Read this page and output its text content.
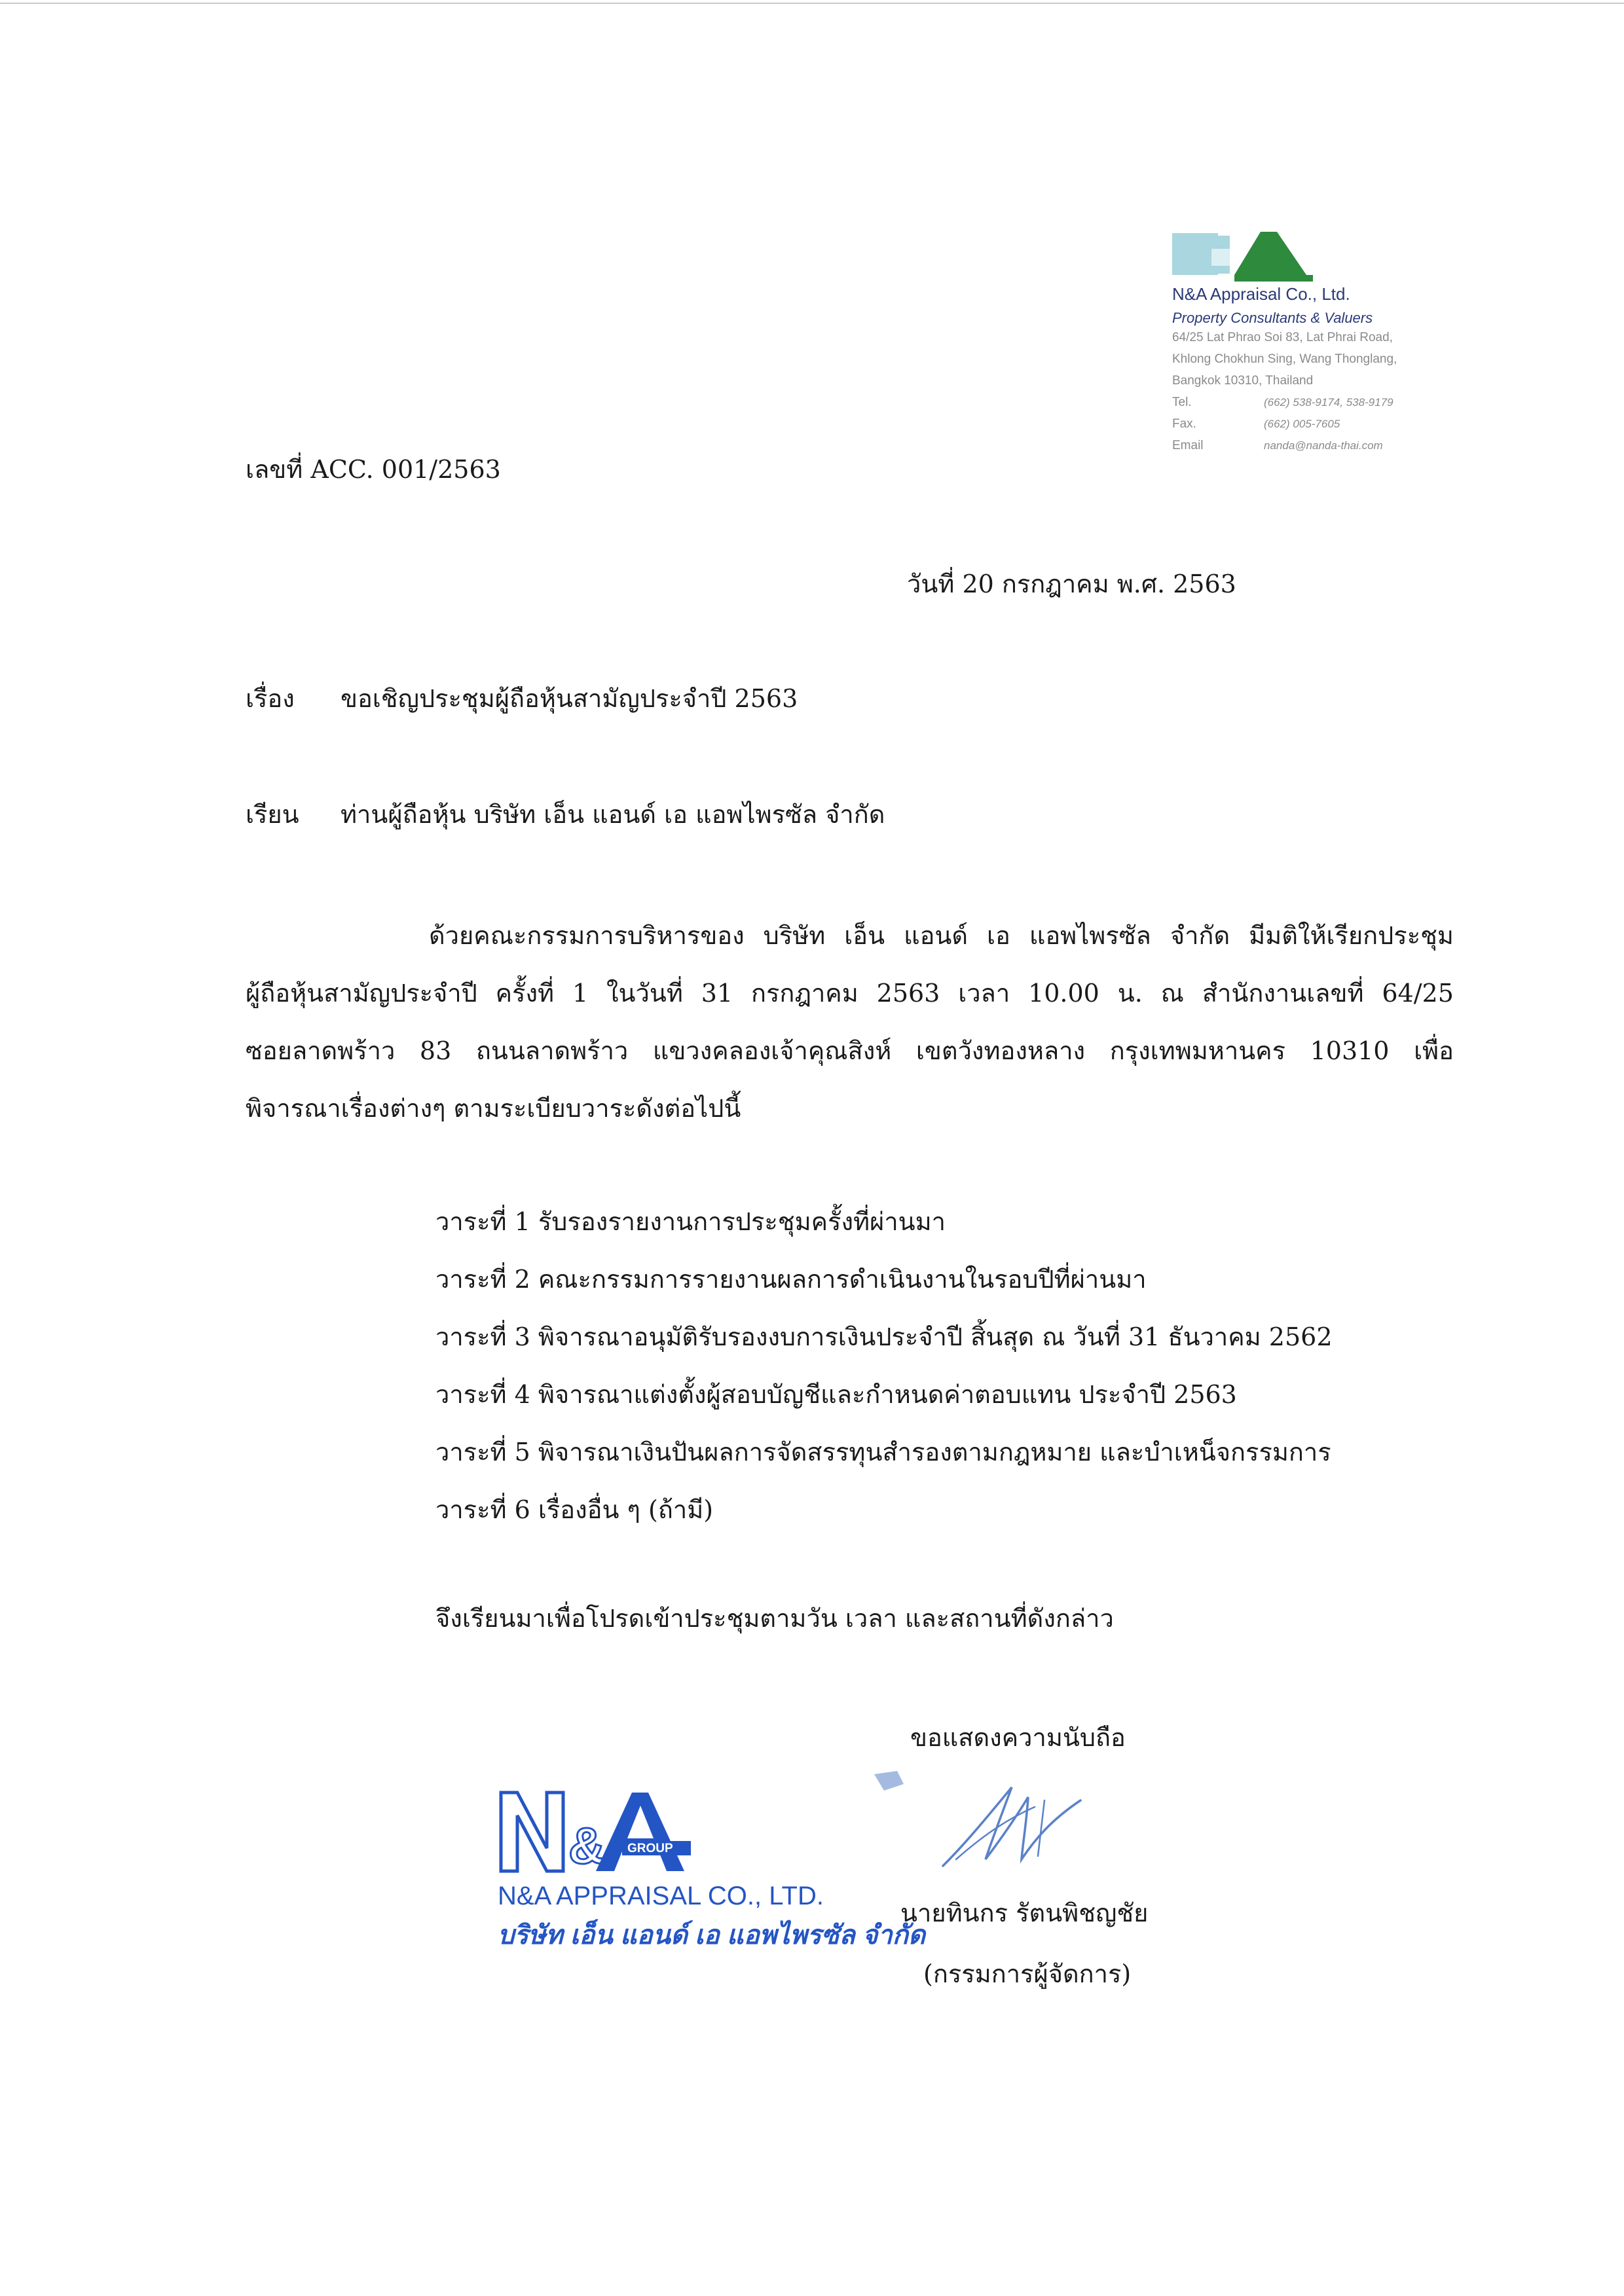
N&A Appraisal Co., Ltd.
Property Consultants & Valuers
64/25 Lat Phrao Soi 83, Lat Phrai Road,
Khlong Chokhun Sing, Wang Thonglang,
Bangkok 10310, Thailand
Tel.	(662) 538-9174, 538-9179
Fax.	(662) 005-7605
Email	nanda@nanda-thai.com
เลขที่ ACC. 001/2563
วันที่ 20 กรกฎาคม พ.ศ. 2563
เรื่อง ขอเชิญประชุมผู้ถือหุ้นสามัญประจำปี 2563
เรียน ท่านผู้ถือหุ้น บริษัท เอ็น แอนด์ เอ แอพไพรซัล จำกัด
ด้วยคณะกรรมการบริหารของ บริษัท เอ็น แอนด์ เอ แอพไพรซัล จำกัด มีมติให้เรียกประชุม
ผู้ถือหุ้นสามัญประจำปี ครั้งที่ 1 ในวันที่ 31 กรกฎาคม 2563 เวลา 10.00 น. ณ สำนักงานเลขที่ 64/25
ซอยลาดพร้าว 83 ถนนลาดพร้าว แขวงคลองเจ้าคุณสิงห์ เขตวังทองหลาง กรุงเทพมหานคร 10310 เพื่อ
พิจารณาเรื่องต่างๆ ตามระเบียบวาระดังต่อไปนี้
วาระที่ 1 รับรองรายงานการประชุมครั้งที่ผ่านมา
วาระที่ 2 คณะกรรมการรายงานผลการดำเนินงานในรอบปีที่ผ่านมา
วาระที่ 3 พิจารณาอนุมัติรับรองงบการเงินประจำปี สิ้นสุด ณ วันที่ 31 ธันวาคม 2562
วาระที่ 4 พิจารณาแต่งตั้งผู้สอบบัญชีและกำหนดค่าตอบแทน ประจำปี 2563
วาระที่ 5 พิจารณาเงินปันผลการจัดสรรทุนสำรองตามกฎหมาย และบำเหน็จกรรมการ
วาระที่ 6 เรื่องอื่น ๆ (ถ้ามี)
จึงเรียนมาเพื่อโปรดเข้าประชุมตามวัน เวลา และสถานที่ดังกล่าว
ขอแสดงความนับถือ
นายทินกร รัตนพิชญชัย
(กรรมการผู้จัดการ)
& GROUP
N&A APPRAISAL CO., LTD.
บริษัท เอ็น แอนด์ เอ แอพไพรซัล จำกัด
